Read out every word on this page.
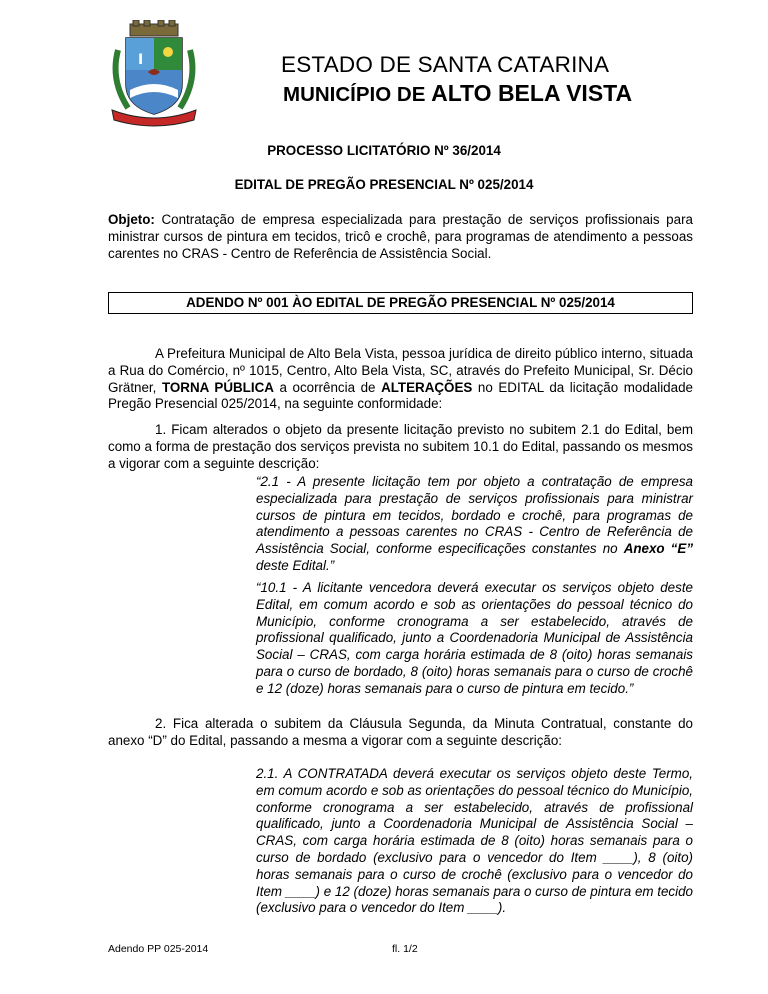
I	ESTADO DE SANTA CATARINA
MUNICÍPIO DE ALTO BELA VISTA
PROCESSO LICITATÓRIO Nº 36/2014
EDITAL DE PREGÃO PRESENCIAL Nº 025/2014
Objeto: Contratação de empresa especializada para prestação de serviços profissionais para ministrar cursos de pintura em tecidos, tricô e crochê, para programas de atendimento a pessoas carentes no CRAS - Centro de Referência de Assistência Social.
ADENDO Nº 001 ÀO EDITAL DE PREGÃO PRESENCIAL Nº 025/2014
A Prefeitura Municipal de Alto Bela Vista, pessoa jurídica de direito público interno, situada a Rua do Comércio, nº 1015, Centro, Alto Bela Vista, SC, através do Prefeito Municipal, Sr. Décio Grätner, TORNA PÚBLICA a ocorrência de ALTERAÇÕES no EDITAL da licitação modalidade Pregão Presencial 025/2014, na seguinte conformidade:
1. Ficam alterados o objeto da presente licitação previsto no subitem 2.1 do Edital, bem como a forma de prestação dos serviços prevista no subitem 10.1 do Edital, passando os mesmos a vigorar com a seguinte descrição:
“2.1 - A presente licitação tem por objeto a contratação de empresa especializada para prestação de serviços profissionais para ministrar cursos de pintura em tecidos, bordado e crochê, para programas de atendimento a pessoas carentes no CRAS - Centro de Referência de Assistência Social, conforme especificações constantes no Anexo “E” deste Edital.”
“10.1 - A licitante vencedora deverá executar os serviços objeto deste Edital, em comum acordo e sob as orientações do pessoal técnico do Município, conforme cronograma a ser estabelecido, através de profissional qualificado, junto a Coordenadoria Municipal de Assistência Social – CRAS, com carga horária estimada de 8 (oito) horas semanais para o curso de bordado, 8 (oito) horas semanais para o curso de crochê e 12 (doze) horas semanais para o curso de pintura em tecido.”
2. Fica alterada o subitem da Cláusula Segunda, da Minuta Contratual, constante do anexo “D” do Edital, passando a mesma a vigorar com a seguinte descrição:
2.1. A CONTRATADA deverá executar os serviços objeto deste Termo, em comum acordo e sob as orientações do pessoal técnico do Município, conforme cronograma a ser estabelecido, através de profissional qualificado, junto a Coordenadoria Municipal de Assistência Social – CRAS, com carga horária estimada de 8 (oito) horas semanais para o curso de bordado (exclusivo para o vencedor do Item ____), 8 (oito) horas semanais para o curso de crochê (exclusivo para o vencedor do Item ____) e 12 (doze) horas semanais para o curso de pintura em tecido (exclusivo para o vencedor do Item ____).
Adendo PP 025-2014	fl. 1/2
